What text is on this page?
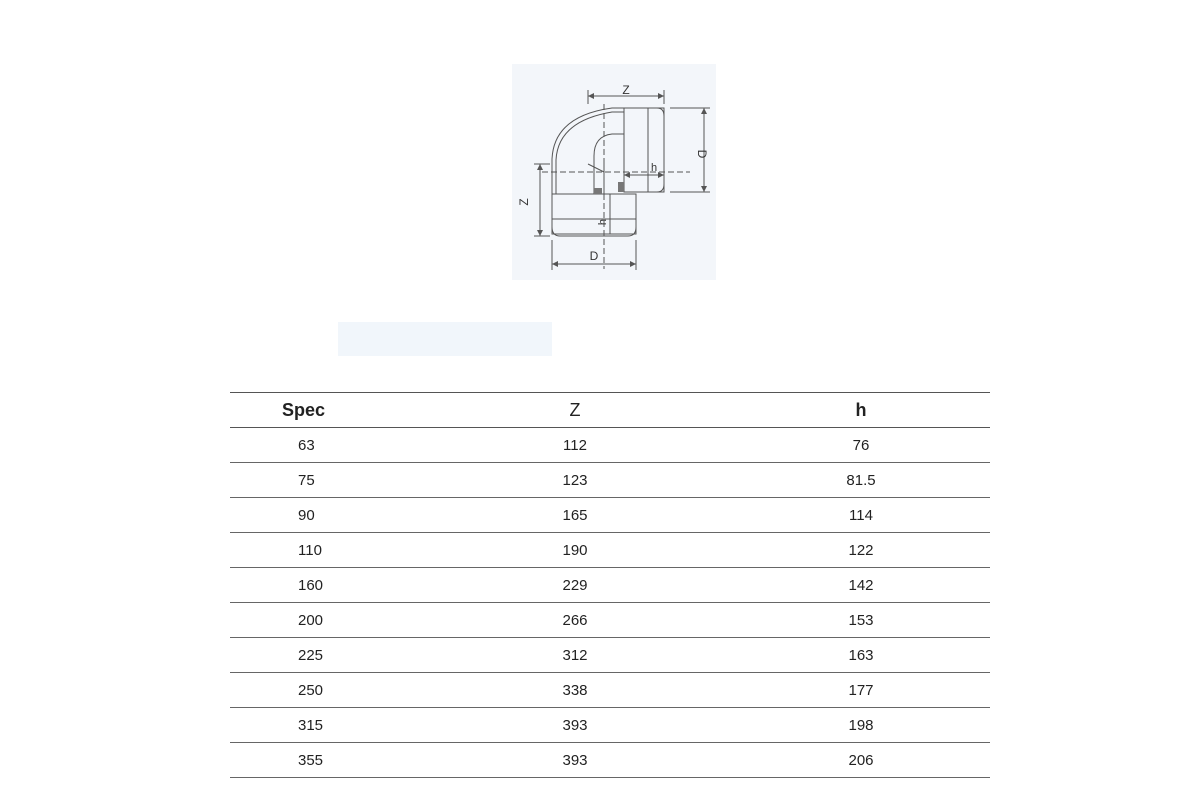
Z
D
h
Z
h
D
Spec	Z	h
63	112	76
75	123	81.5
90	165	114
110	190	122
160	229	142
200	266	153
225	312	163
250	338	177
315	393	198
355	393	206
